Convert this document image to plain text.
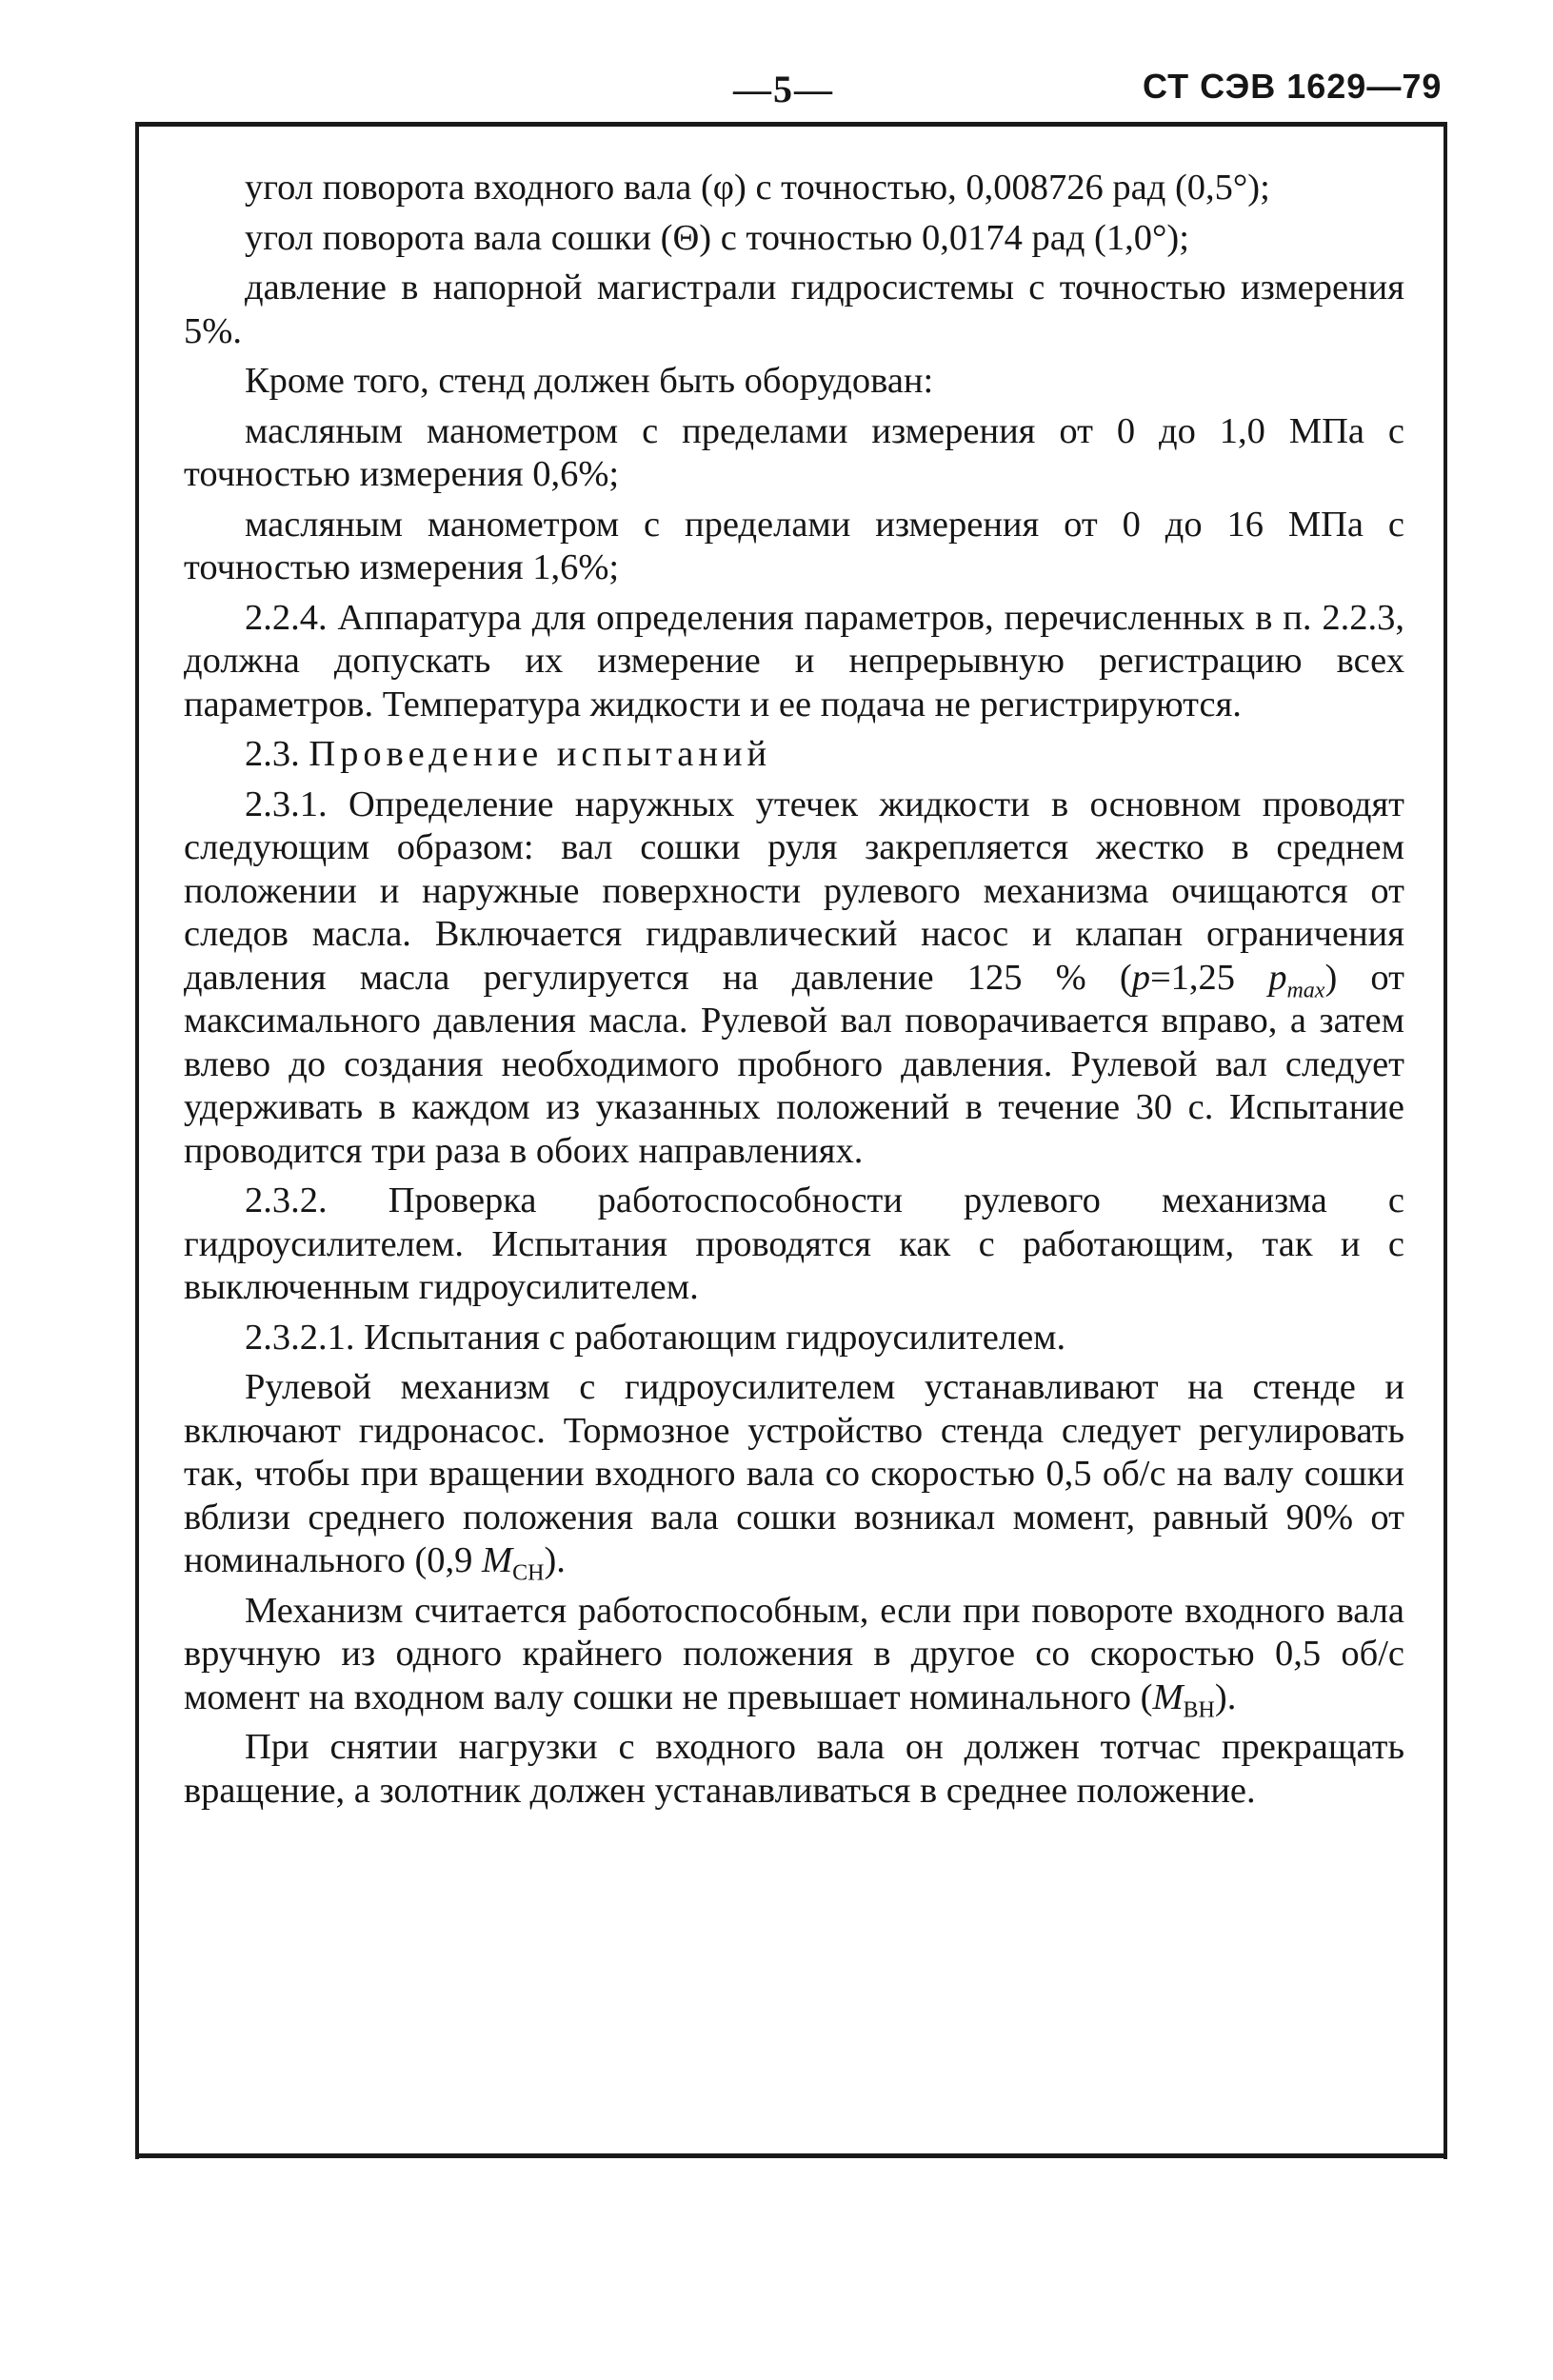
—5—	СТ СЭВ 1629—79

угол поворота входного вала (φ) с точностью, 0,008726 рад (0,5°);

угол поворота вала сошки (Θ) с точностью 0,0174 рад (1,0°);

давление в напорной магистрали гидросистемы с точностью измерения 5%.

Кроме того, стенд должен быть оборудован:

масляным манометром с пределами измерения от 0 до 1,0 МПа с точностью измерения 0,6%;

масляным манометром с пределами измерения от 0 до 16 МПа с точностью измерения 1,6%;

2.2.4. Аппаратура для определения параметров, перечисленных в п. 2.2.3, должна допускать их измерение и непрерывную регистрацию всех параметров. Температура жидкости и ее подача не регистрируются.

2.3. Проведение испытаний

2.3.1. Определение наружных утечек жидкости в основном проводят следующим образом: вал сошки руля закрепляется жестко в среднем положении и наружные поверхности рулевого механизма очищаются от следов масла. Включается гидравлический насос и клапан ограничения давления масла регулируется на давление 125 % (p=1,25 $p_{max}$) от максимального давления масла. Рулевой вал поворачивается вправо, а затем влево до создания необходимого пробного давления. Рулевой вал следует удерживать в каждом из указанных положений в течение 30 с. Испытание проводится три раза в обоих направлениях.

2.3.2. Проверка работоспособности рулевого механизма с гидроусилителем. Испытания проводятся как с работающим, так и с выключенным гидроусилителем.

2.3.2.1. Испытания с работающим гидроусилителем.

Рулевой механизм с гидроусилителем устанавливают на стенде и включают гидронасос. Тормозное устройство стенда следует регулировать так, чтобы при вращении входного вала со скоростью 0,5 об/с на валу сошки вблизи среднего положения вала сошки возникал момент, равный 90% от номинального (0,9 $M_{СН}$).

Механизм считается работоспособным, если при повороте входного вала вручную из одного крайнего положения в другое со скоростью 0,5 об/с момент на входном валу сошки не превышает номинального $(M_{ВН})$.

При снятии нагрузки с входного вала он должен тотчас прекращать вращение, а золотник должен устанавливаться в среднее положение.
